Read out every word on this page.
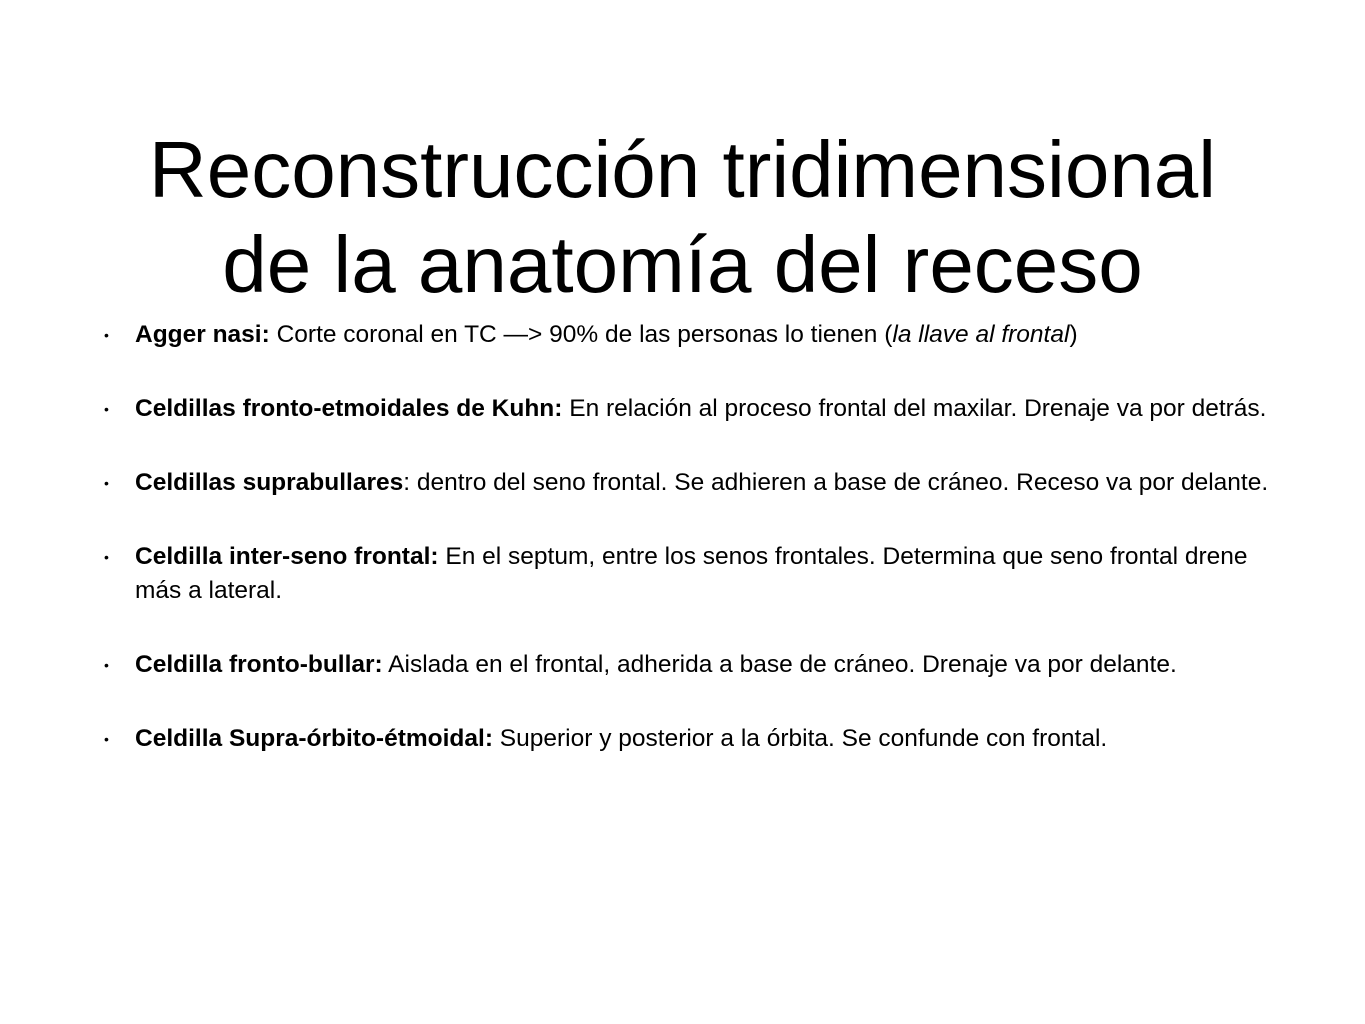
Reconstrucción tridimensional
de la anatomía del receso
• Agger nasi: Corte coronal en TC —> 90% de las personas lo tienen (la llave al frontal)
• Celdillas fronto-etmoidales de Kuhn: En relación al proceso frontal del maxilar. Drenaje va por detrás.
• Celdillas suprabullares: dentro del seno frontal. Se adhieren a base de cráneo. Receso va por delante.
• Celdilla inter-seno frontal: En el septum, entre los senos frontales. Determina que seno frontal drene más a lateral.
• Celdilla fronto-bullar: Aislada en el frontal, adherida a base de cráneo. Drenaje va por delante.
• Celdilla Supra-órbito-étmoidal: Superior y posterior a la órbita. Se confunde con frontal.
